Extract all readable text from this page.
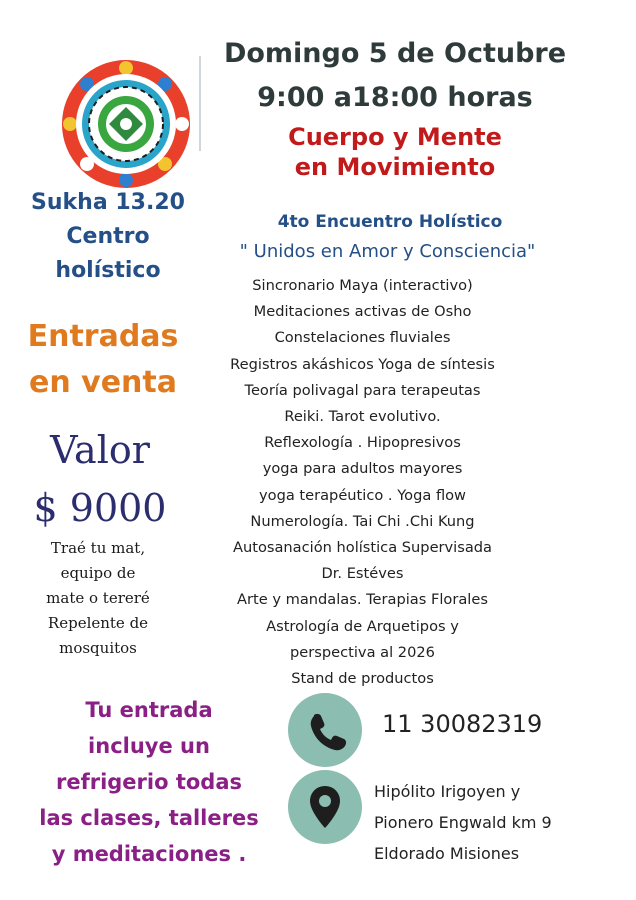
Domingo 5 de Octubre
9:00 a18:00 horas
Cuerpo y Mente
en Movimiento
Sukha 13.20
Centro
holístico
Entradas
en venta
Valor
$ 9000
Traé tu mat,
equipo de
mate o tereré
Repelente de
mosquitos
Tu entrada
incluye un
refrigerio todas
las clases, talleres
y meditaciones .
4to Encuentro Holístico
" Unidos en Amor y Consciencia"
Sincronario Maya (interactivo)
Meditaciones activas de Osho
Constelaciones fluviales
Registros akáshicos Yoga de síntesis
Teoría polivagal para terapeutas
Reiki. Tarot evolutivo.
Reflexología . Hipopresivos
yoga para adultos mayores
yoga terapéutico . Yoga flow
Numerología. Tai Chi .Chi Kung
Autosanación holística Supervisada
Dr. Estéves
Arte y mandalas. Terapias Florales
Astrología de Arquetipos y
perspectiva al 2026
Stand de productos
11 30082319
Hipólito Irigoyen y
Pionero Engwald km 9
Eldorado Misiones
